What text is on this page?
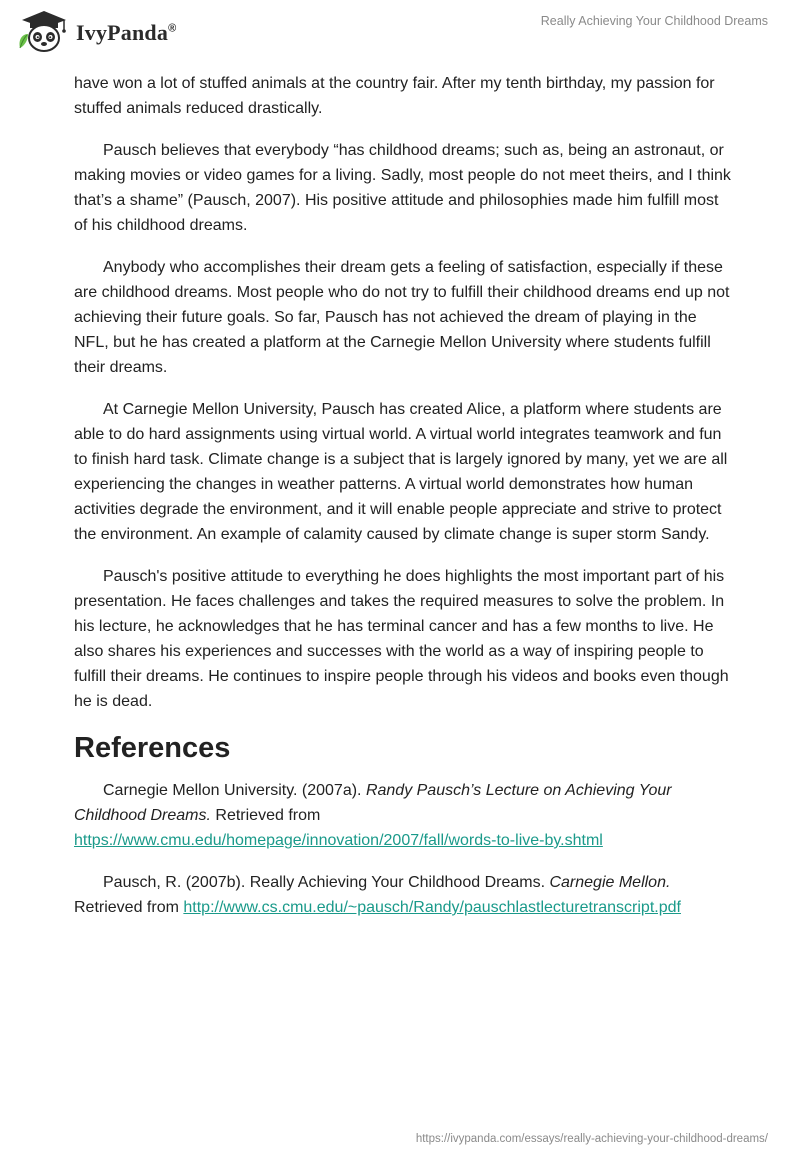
IvyPanda®
Really Achieving Your Childhood Dreams

have won a lot of stuffed animals at the country fair. After my tenth birthday, my passion for stuffed animals reduced drastically.

Pausch believes that everybody “has childhood dreams; such as, being an astronaut, or making movies or video games for a living. Sadly, most people do not meet theirs, and I think that’s a shame” (Pausch, 2007). His positive attitude and philosophies made him fulfill most of his childhood dreams.

Anybody who accomplishes their dream gets a feeling of satisfaction, especially if these are childhood dreams. Most people who do not try to fulfill their childhood dreams end up not achieving their future goals. So far, Pausch has not achieved the dream of playing in the NFL, but he has created a platform at the Carnegie Mellon University where students fulfill their dreams.

At Carnegie Mellon University, Pausch has created Alice, a platform where students are able to do hard assignments using virtual world. A virtual world integrates teamwork and fun to finish hard task. Climate change is a subject that is largely ignored by many, yet we are all experiencing the changes in weather patterns. A virtual world demonstrates how human activities degrade the environment, and it will enable people appreciate and strive to protect the environment. An example of calamity caused by climate change is super storm Sandy.

Pausch's positive attitude to everything he does highlights the most important part of his presentation. He faces challenges and takes the required measures to solve the problem. In his lecture, he acknowledges that he has terminal cancer and has a few months to live. He also shares his experiences and successes with the world as a way of inspiring people to fulfill their dreams. He continues to inspire people through his videos and books even though he is dead.

References

Carnegie Mellon University. (2007a). Randy Pausch’s Lecture on Achieving Your Childhood Dreams. Retrieved from https://www.cmu.edu/homepage/innovation/2007/fall/words-to-live-by.shtml

Pausch, R. (2007b). Really Achieving Your Childhood Dreams. Carnegie Mellon. Retrieved from http://www.cs.cmu.edu/~pausch/Randy/pauschlastlecturetranscript.pdf

https://ivypanda.com/essays/really-achieving-your-childhood-dreams/
